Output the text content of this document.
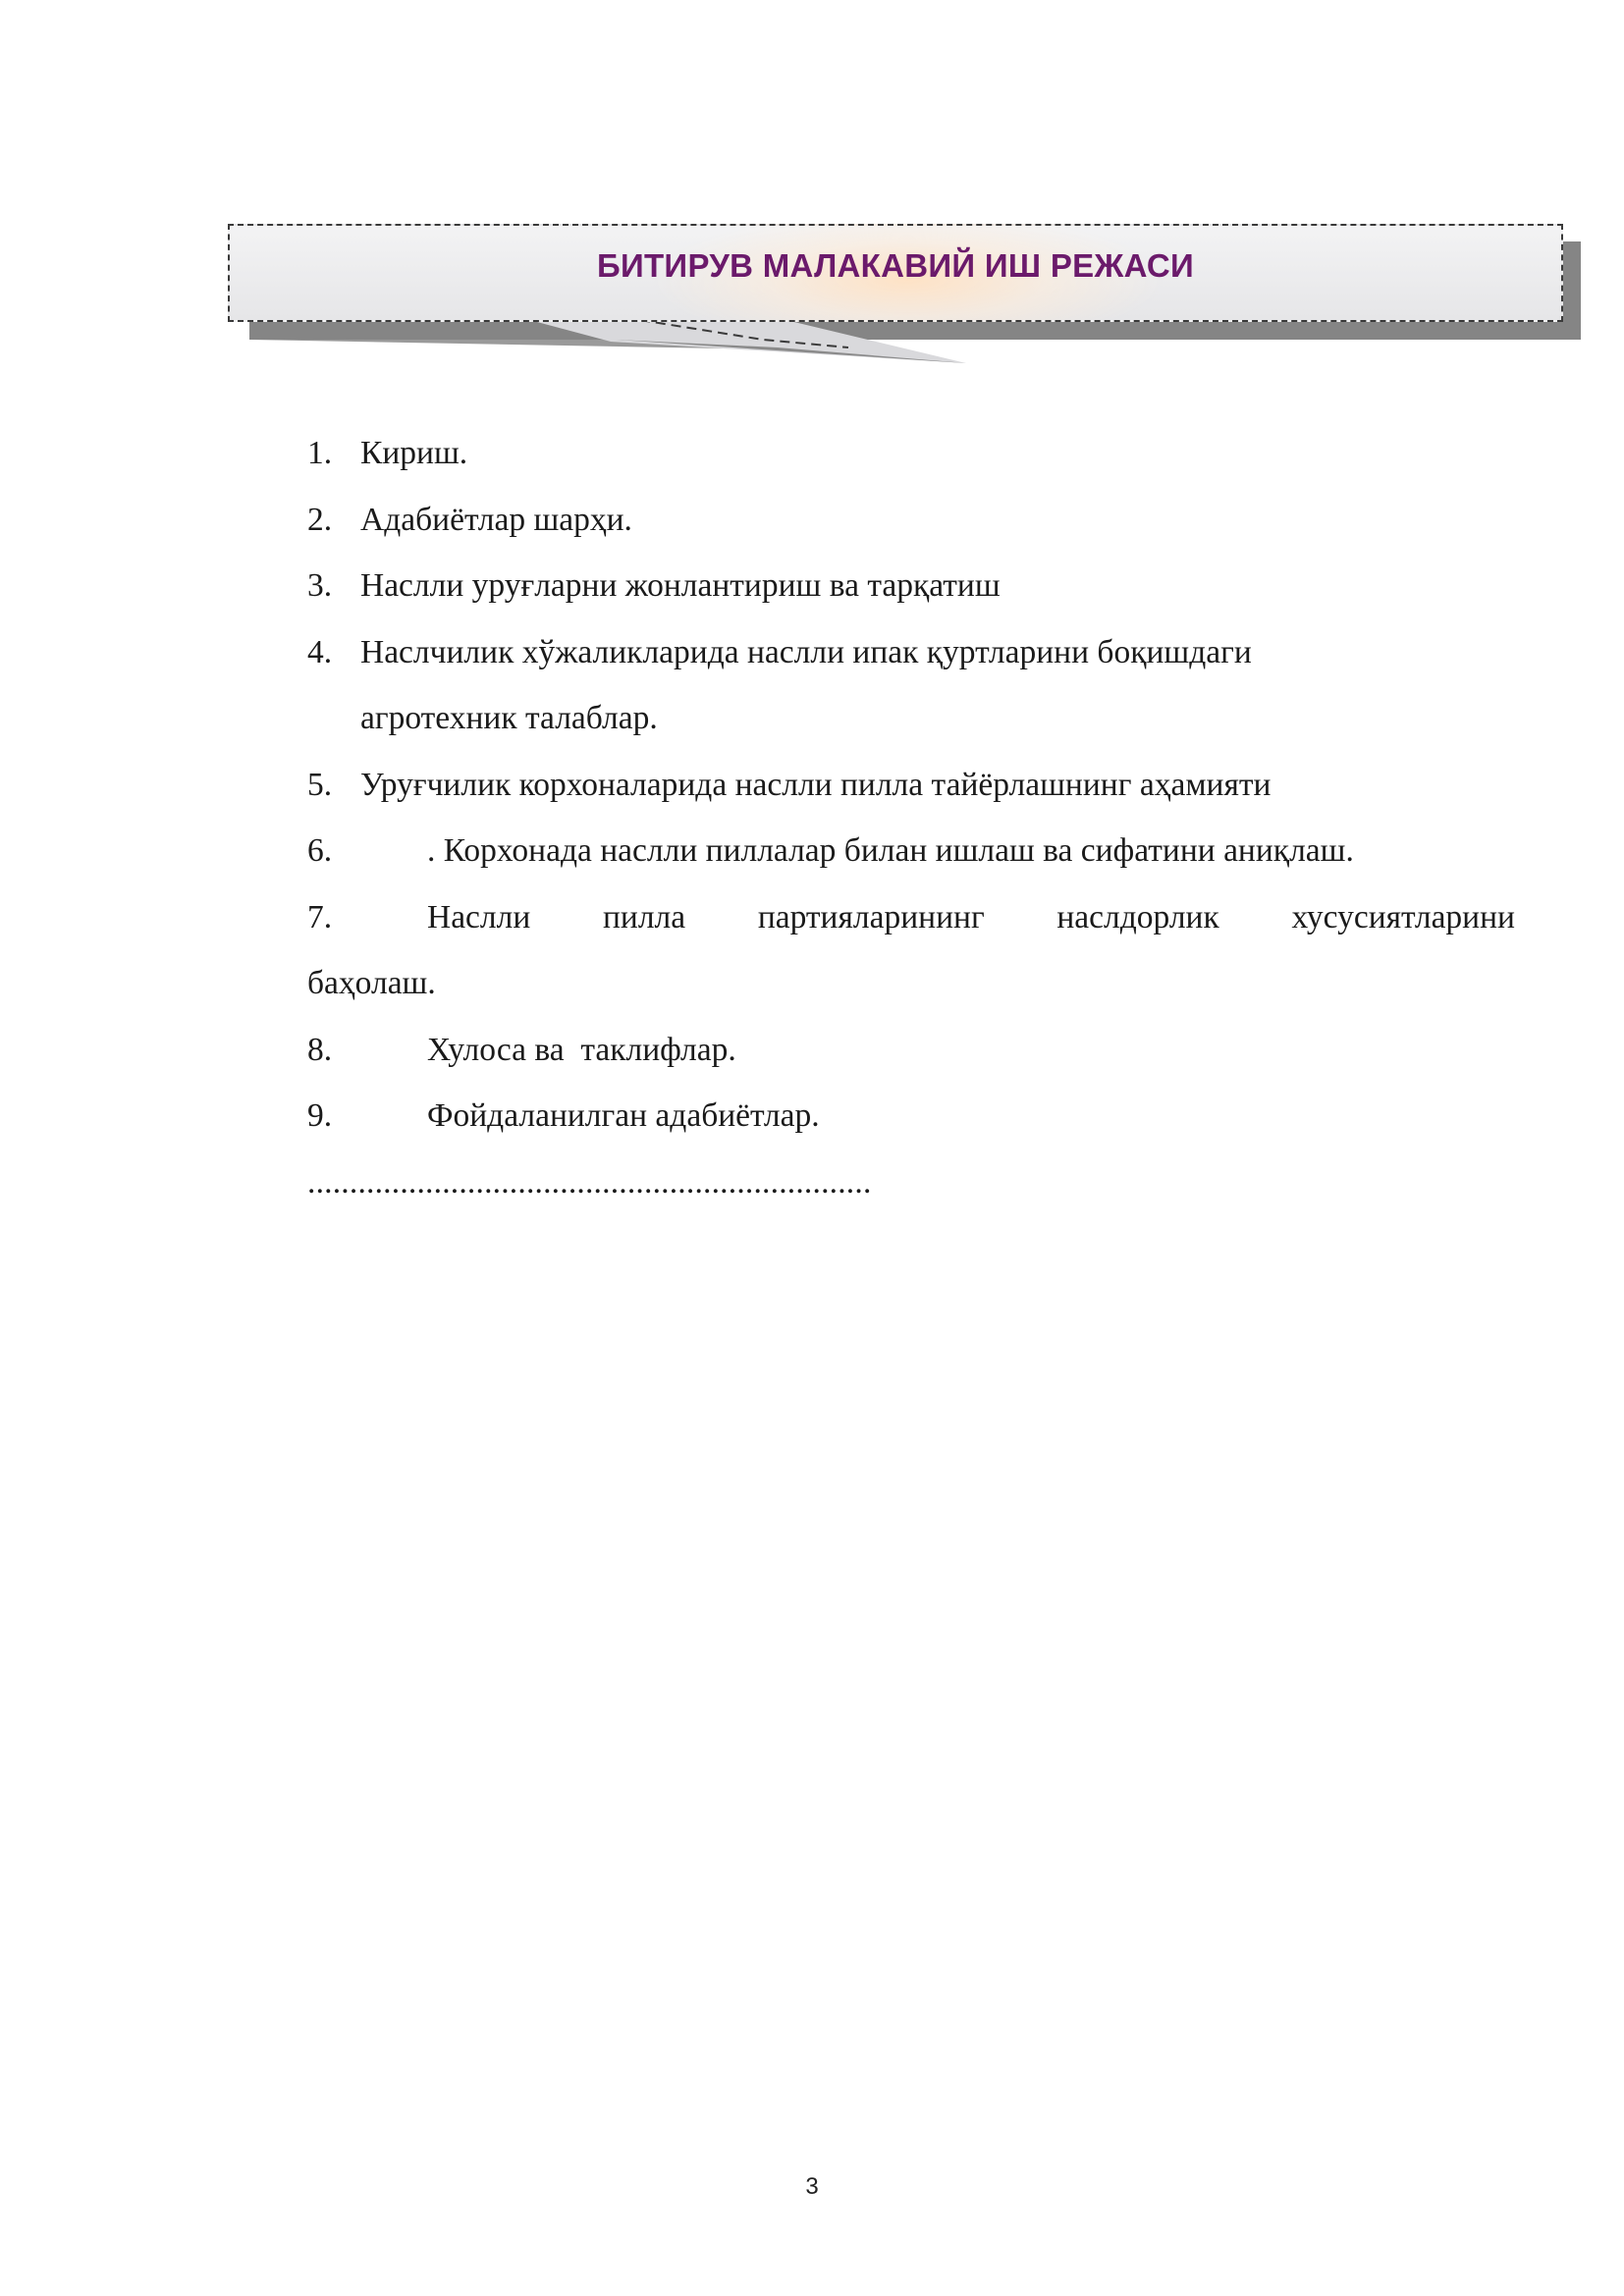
БИТИРУВ МАЛАКАВИЙ ИШ РЕЖАСИ
1. Кириш.
2. Адабиётлар шарҳи.
3. Наслли уруғларни жонлантириш ва тарқатиш
4. Наслчилик хўжаликларида наслли ипак қуртларини боқишдаги
агротехник талаблар.
5. Уруғчилик корхоналарида наслли пилла тайёрлашнинг аҳамияти
6.	. Корхонада наслли пиллалар билан ишлаш ва сифатини аниқлаш.
7.	Наслли пилла партияларининг наслдорлик хусусиятларини
баҳолаш.
8.	Хулоса ва  таклифлар.
9.	Фойдаланилган адабиётлар.
...................................................................
3
